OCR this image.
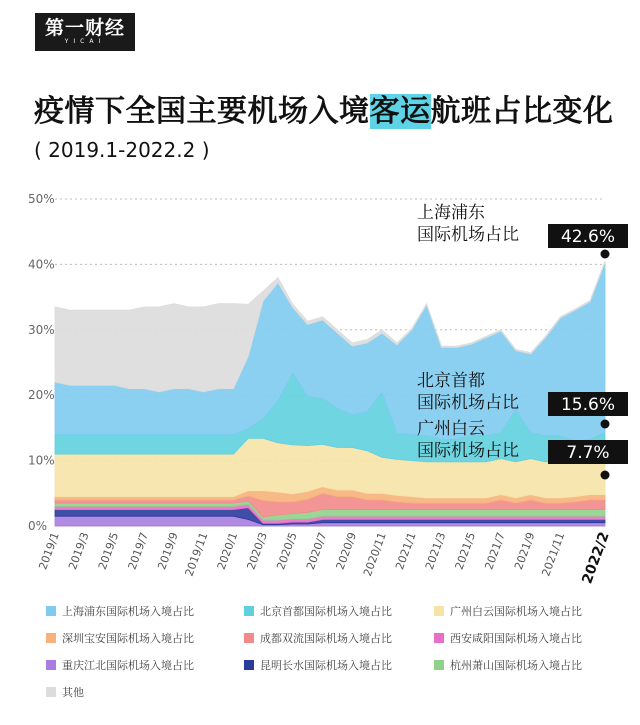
第一财经
YICAI
疫情下全国主要机场入境客运航班占比变化
( 2019.1-2022.2 )
0%
10%
20%
30%
40%
50%
2019/1 2019/3 2019/5 2019/7 2019/9 2019/11 2020/1 2020/3 2020/5 2020/7 2020/9 2020/11 2021/1 2021/3 2021/5 2021/7 2021/9 2021/11 2022/2
上海浦东
国际机场占比 42.6%
北京首都
国际机场占比 15.6%
广州白云
国际机场占比	7.7%
上海浦东国际机场入境占比	北京首都国际机场入境占比	广州白云国际机场入境占比
深圳宝安国际机场入境占比	成都双流国际机场入境占比	西安咸阳国际机场入境占比
重庆江北国际机场入境占比	昆明长水国际机场入境占比	杭州萧山国际机场入境占比
其他
